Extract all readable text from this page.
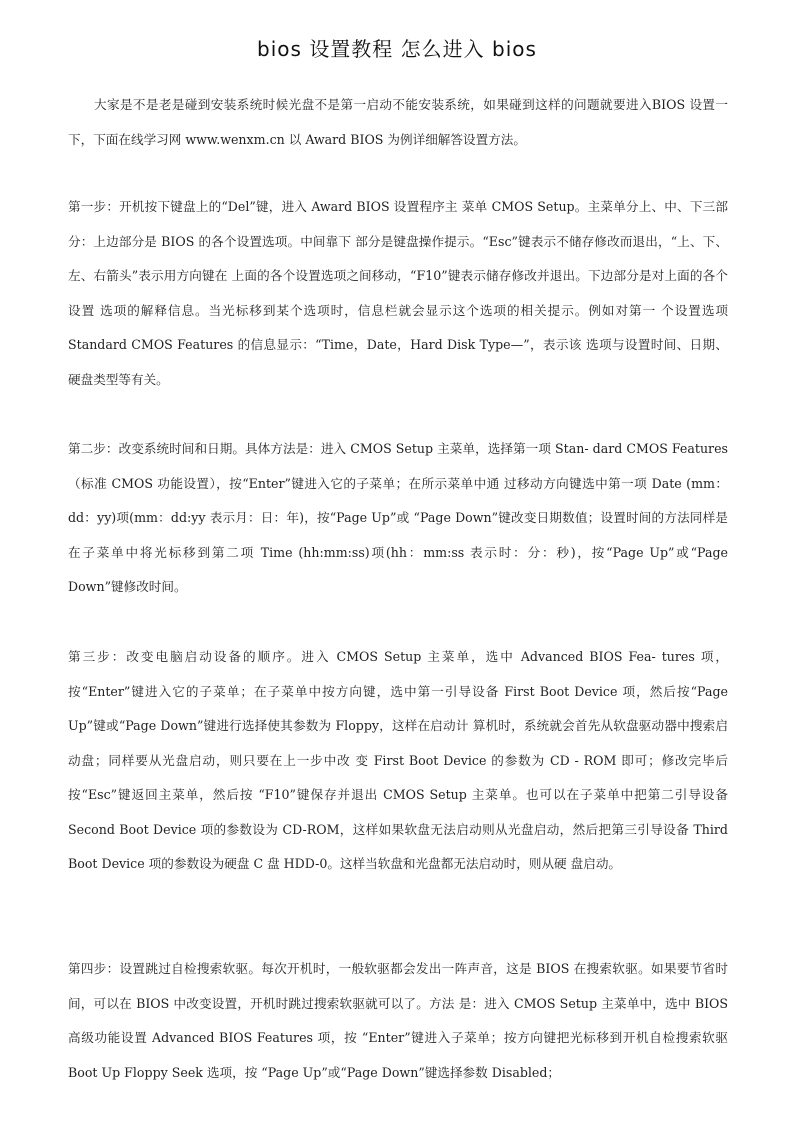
bios 设置教程 怎么进入 bios

大家是不是老是碰到安装系统时候光盘不是第一启动不能安装系统，如果碰到这样的问题就要进入BIOS 设置一下，下面在线学习网 www.wenxm.cn 以 Award BIOS 为例详细解答设置方法。

第一步：开机按下键盘上的“Del”键，进入 Award BIOS 设置程序主 菜单 CMOS Setup。主菜单分上、中、下三部分：上边部分是 BIOS 的各个设置选项。中间靠下 部分是键盘操作提示。“Esc”键表示不储存修改而退出，“上、下、左、右箭头”表示用方向键在 上面的各个设置选项之间移动，“F10”键表示储存修改并退出。下边部分是对上面的各个设置 选项的解释信息。当光标移到某个选项时，信息栏就会显示这个选项的相关提示。例如对第一 个设置选项 Standard CMOS Features 的信息显示：“Time，Date，Hard Disk Type—”，表示该 选项与设置时间、日期、硬盘类型等有关。

第二步：改变系统时间和日期。具体方法是：进入 CMOS Setup 主菜单，选择第一项 Stan- dard CMOS Features（标准 CMOS 功能设置），按“Enter”键进入它的子菜单；在所示菜单中通 过移动方向键选中第一项 Date (mm：dd：yy)项(mm：dd:yy 表示月：日：年)，按“Page Up”或 “Page Down”键改变日期数值；设置时间的方法同样是在子菜单中将光标移到第二项 Time (hh:mm:ss)项(hh：mm:ss 表示时：分：秒)，按“Page Up”或“Page Down”键修改时间。

第三步：改变电脑启动设备的顺序。进入 CMOS Setup 主菜单，选中 Advanced BIOS Fea- tures 项，按“Enter”键进入它的子菜单；在子菜单中按方向键，选中第一引导设备 First Boot Device 项，然后按“Page Up”键或“Page Down”键进行选择使其参数为 Floppy，这样在启动计 算机时，系统就会首先从软盘驱动器中搜索启动盘；同样要从光盘启动，则只要在上一步中改 变 First Boot Device 的参数为 CD - ROM 即可；修改完毕后按“Esc”键返回主菜单，然后按 “F10”键保存并退出 CMOS Setup 主菜单。也可以在子菜单中把第二引导设备 Second Boot Device 项的参数设为 CD-ROM，这样如果软盘无法启动则从光盘启动，然后把第三引导设备 Third Boot Device 项的参数设为硬盘 C 盘 HDD-0。这样当软盘和光盘都无法启动时，则从硬 盘启动。

第四步：设置跳过自检搜索软驱。每次开机时，一般软驱都会发出一阵声音，这是 BIOS 在搜索软驱。如果要节省时间，可以在 BIOS 中改变设置，开机时跳过搜索软驱就可以了。方法 是：进入 CMOS Setup 主菜单中，选中 BIOS 高级功能设置 Advanced BIOS Features 项，按 “Enter”键进入子菜单；按方向键把光标移到开机自检搜索软驱 Boot Up Floppy Seek 选项，按 “Page Up”或“Page Down”键选择参数 Disabled；
